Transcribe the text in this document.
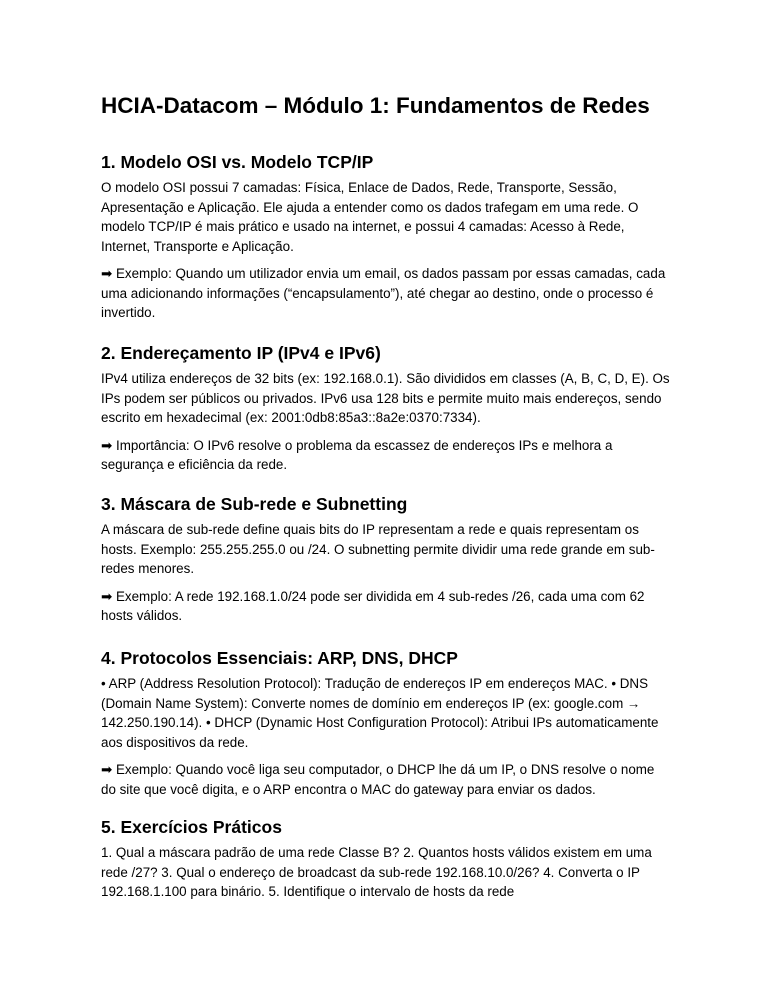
HCIA-Datacom – Módulo 1: Fundamentos de Redes
1. Modelo OSI vs. Modelo TCP/IP

O modelo OSI possui 7 camadas: Física, Enlace de Dados, Rede, Transporte, Sessão, Apresentação e Aplicação. Ele ajuda a entender como os dados trafegam em uma rede. O modelo TCP/IP é mais prático e usado na internet, e possui 4 camadas: Acesso à Rede, Internet, Transporte e Aplicação.

➡ Exemplo: Quando um utilizador envia um email, os dados passam por essas camadas, cada uma adicionando informações (“encapsulamento”), até chegar ao destino, onde o processo é invertido.

2. Endereçamento IP (IPv4 e IPv6)

IPv4 utiliza endereços de 32 bits (ex: 192.168.0.1). São divididos em classes (A, B, C, D, E). Os IPs podem ser públicos ou privados. IPv6 usa 128 bits e permite muito mais endereços, sendo escrito em hexadecimal (ex: 2001:0db8:85a3::8a2e:0370:7334).

➡ Importância: O IPv6 resolve o problema da escassez de endereços IPs e melhora a segurança e eficiência da rede.

3. Máscara de Sub-rede e Subnetting

A máscara de sub-rede define quais bits do IP representam a rede e quais representam os hosts. Exemplo: 255.255.255.0 ou /24. O subnetting permite dividir uma rede grande em sub-redes menores.

➡ Exemplo: A rede 192.168.1.0/24 pode ser dividida em 4 sub-redes /26, cada uma com 62 hosts válidos.

4. Protocolos Essenciais: ARP, DNS, DHCP

• ARP (Address Resolution Protocol): Tradução de endereços IP em endereços MAC. • DNS (Domain Name System): Converte nomes de domínio em endereços IP (ex: google.com → 142.250.190.14). • DHCP (Dynamic Host Configuration Protocol): Atribui IPs automaticamente aos dispositivos da rede.

➡ Exemplo: Quando você liga seu computador, o DHCP lhe dá um IP, o DNS resolve o nome do site que você digita, e o ARP encontra o MAC do gateway para enviar os dados.

5. Exercícios Práticos

1. Qual a máscara padrão de uma rede Classe B? 2. Quantos hosts válidos existem em uma rede /27? 3. Qual o endereço de broadcast da sub-rede 192.168.10.0/26? 4. Converta o IP 192.168.1.100 para binário. 5. Identifique o intervalo de hosts da rede
